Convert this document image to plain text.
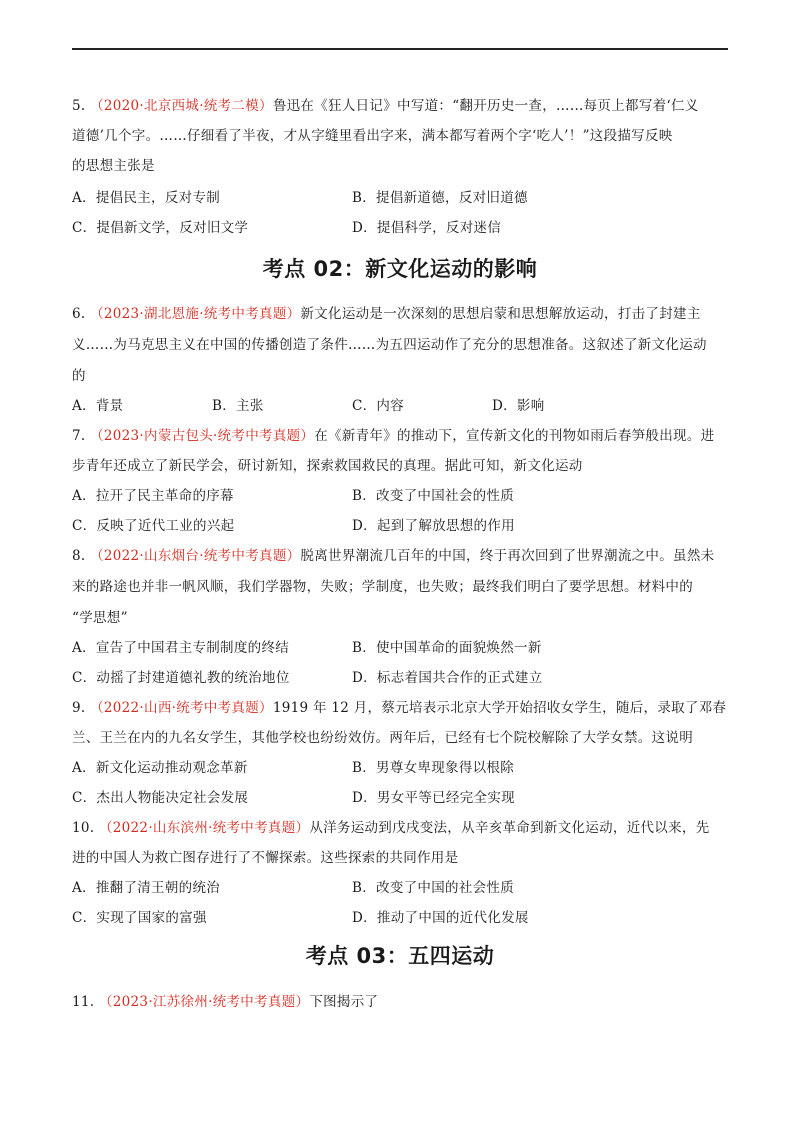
5. （2020·北京西城·统考二模）鲁迅在《狂人日记》中写道：“翻开历史一查，……每页上都写着‘仁义
道德’几个字。……仔细看了半夜，才从字缝里看出字来，满本都写着两个字‘吃人’！”这段描写反映
的思想主张是
A．提倡民主，反对专制	B．提倡新道德，反对旧道德
C．提倡新文学，反对旧文学	D．提倡科学，反对迷信
考点 02：新文化运动的影响
6. （2023·湖北恩施·统考中考真题）新文化运动是一次深刻的思想启蒙和思想解放运动，打击了封建主
义……为马克思主义在中国的传播创造了条件……为五四运动作了充分的思想准备。这叙述了新文化运动
的
A．背景	B．主张	C．内容	D．影响
7. （2023·内蒙古包头·统考中考真题）在《新青年》的推动下，宣传新文化的刊物如雨后春笋般出现。进
步青年还成立了新民学会，研讨新知，探索救国救民的真理。据此可知，新文化运动
A．拉开了民主革命的序幕	B．改变了中国社会的性质
C．反映了近代工业的兴起	D．起到了解放思想的作用
8. （2022·山东烟台·统考中考真题）脱离世界潮流几百年的中国，终于再次回到了世界潮流之中。虽然未
来的路途也并非一帆风顺，我们学器物，失败；学制度，也失败；最终我们明白了要学思想。材料中的
“学思想”
A．宣告了中国君主专制制度的终结	B．使中国革命的面貌焕然一新
C．动摇了封建道德礼教的统治地位	D．标志着国共合作的正式建立
9. （2022·山西·统考中考真题）1919 年 12 月，蔡元培表示北京大学开始招收女学生，随后，录取了邓春
兰、王兰在内的九名女学生，其他学校也纷纷效仿。两年后，已经有七个院校解除了大学女禁。这说明
A．新文化运动推动观念革新	B．男尊女卑现象得以根除
C．杰出人物能决定社会发展	D．男女平等已经完全实现
10. （2022·山东滨州·统考中考真题）从洋务运动到戊戌变法，从辛亥革命到新文化运动，近代以来，先
进的中国人为救亡图存进行了不懈探索。这些探索的共同作用是
A．推翻了清王朝的统治	B．改变了中国的社会性质
C．实现了国家的富强	D．推动了中国的近代化发展
考点 03：五四运动
11. （2023·江苏徐州·统考中考真题）下图揭示了
